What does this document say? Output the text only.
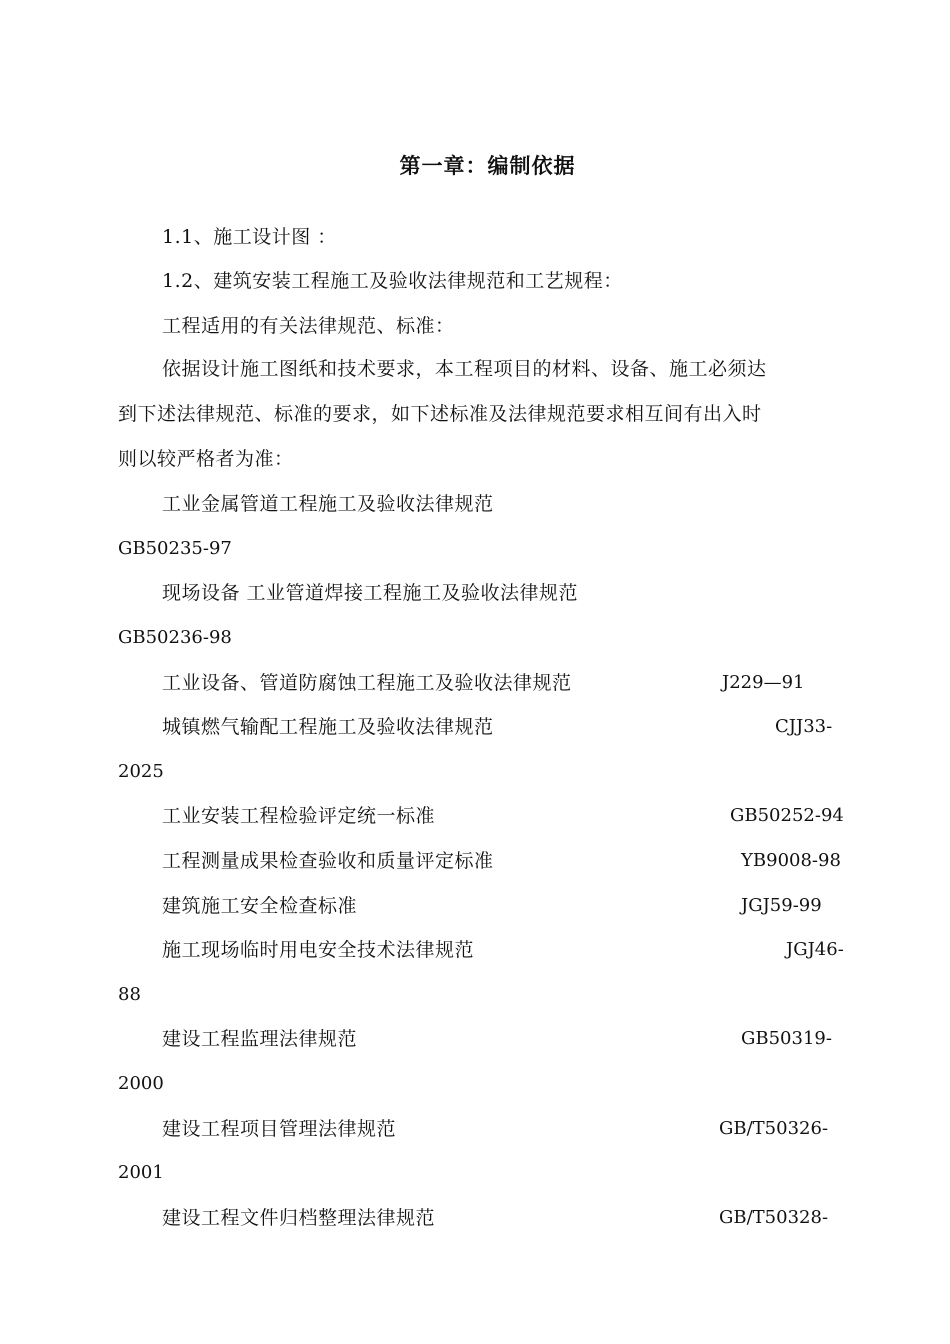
第一章：编制依据
1.1、施工设计图 ：
1.2、建筑安装工程施工及验收法律规范和工艺规程：
工程适用的有关法律规范、标准：
依据设计施工图纸和技术要求，本工程项目的材料、设备、施工必须达
到下述法律规范、标准的要求，如下述标准及法律规范要求相互间有出入时
则以较严格者为准：
工业金属管道工程施工及验收法律规范
GB50235-97
现场设备 工业管道焊接工程施工及验收法律规范
GB50236-98
工业设备、管道防腐蚀工程施工及验收法律规范	J229—91
城镇燃气输配工程施工及验收法律规范	CJJ33-
2025
工业安装工程检验评定统一标准	GB50252-94
工程测量成果检查验收和质量评定标准	YB9008-98
建筑施工安全检查标准	JGJ59-99
施工现场临时用电安全技术法律规范	JGJ46-
88
建设工程监理法律规范	GB50319-
2000
建设工程项目管理法律规范	GB/T50326-
2001
建设工程文件归档整理法律规范	GB/T50328-
